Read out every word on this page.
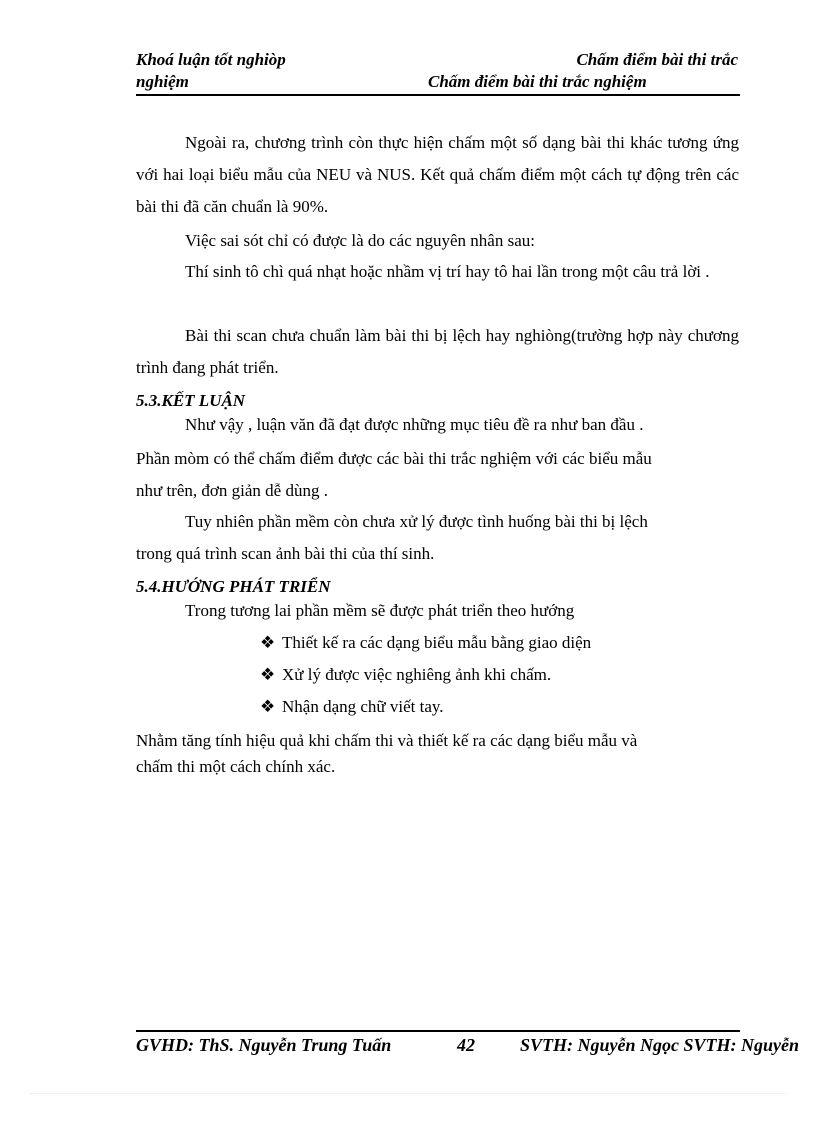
Khoá luận tốt nghiòp
nghiệm
Chấm điểm bài thi trắc
Chấm điểm bài thi trắc nghiệm
Ngoài ra, chương trình còn thực hiện chấm một số dạng bài thi khác tương ứng với hai loại biểu mẫu của NEU và NUS. Kết quả chấm điểm một cách tự động trên các bài thi đã căn chuẩn là 90%.
Việc sai sót chỉ có được là do các nguyên nhân sau:
Thí sinh tô chì quá nhạt hoặc nhầm vị trí hay tô hai lần trong một câu trả lời .
Bài thi scan chưa chuẩn làm bài thi bị lệch hay nghiòng(trường hợp này chương trình đang phát triển.
5.3.KẾT LUẬN
Như vậy , luận văn đã đạt được những mục tiêu đề ra như ban đầu .
Phần mòm có thể chấm điểm được các bài thi trắc nghiệm với các biểu mẫu
như trên, đơn giản dễ dùng .
Tuy nhiên phần mềm còn chưa xử lý được tình huống bài thi bị lệch
trong quá trình scan ảnh bài thi của thí sinh.
5.4.HƯỚNG PHÁT TRIỂN
Trong tương lai phần mềm sẽ được phát triển theo hướng
❖ Thiết kế ra các dạng biểu mẫu bằng giao diện
❖ Xử lý được việc nghiêng ảnh khi chấm.
❖ Nhận dạng chữ viết tay.
Nhằm tăng tính hiệu quả khi chấm thi và thiết kế ra các dạng biểu mẫu và
chấm thi một cách chính xác.
GVHD: ThS. Nguyễn Trung Tuấn	42	SVTH: Nguyễn Ngọc SVTH: Nguyễn
